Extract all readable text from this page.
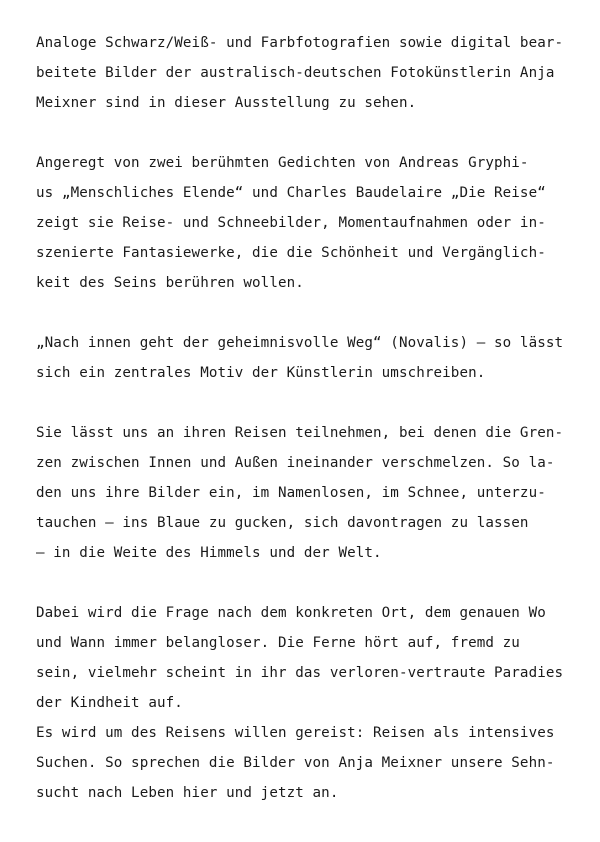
Analoge Schwarz/Weiß- und Farbfotografien sowie digital bear-
beitete Bilder der australisch-deutschen Fotokünstlerin Anja
Meixner sind in dieser Ausstellung zu sehen.
Angeregt von zwei berühmten Gedichten von Andreas Gryphi-
us „Menschliches Elende“ und Charles Baudelaire „Die Reise“
zeigt sie Reise- und Schneebilder, Momentaufnahmen oder in-
szenierte Fantasiewerke, die die Schönheit und Vergänglich-
keit des Seins berühren wollen.
„Nach innen geht der geheimnisvolle Weg“ (Novalis) – so lässt
sich ein zentrales Motiv der Künstlerin umschreiben.
Sie lässt uns an ihren Reisen teilnehmen, bei denen die Gren-
zen zwischen Innen und Außen ineinander verschmelzen. So la-
den uns ihre Bilder ein, im Namenlosen, im Schnee, unterzu-
tauchen – ins Blaue zu gucken, sich davontragen zu lassen
– in die Weite des Himmels und der Welt.
Dabei wird die Frage nach dem konkreten Ort, dem genauen Wo
und Wann immer belangloser. Die Ferne hört auf, fremd zu
sein, vielmehr scheint in ihr das verloren-vertraute Paradies
der Kindheit auf.
Es wird um des Reisens willen gereist: Reisen als intensives
Suchen. So sprechen die Bilder von Anja Meixner unsere Sehn-
sucht nach Leben hier und jetzt an.
